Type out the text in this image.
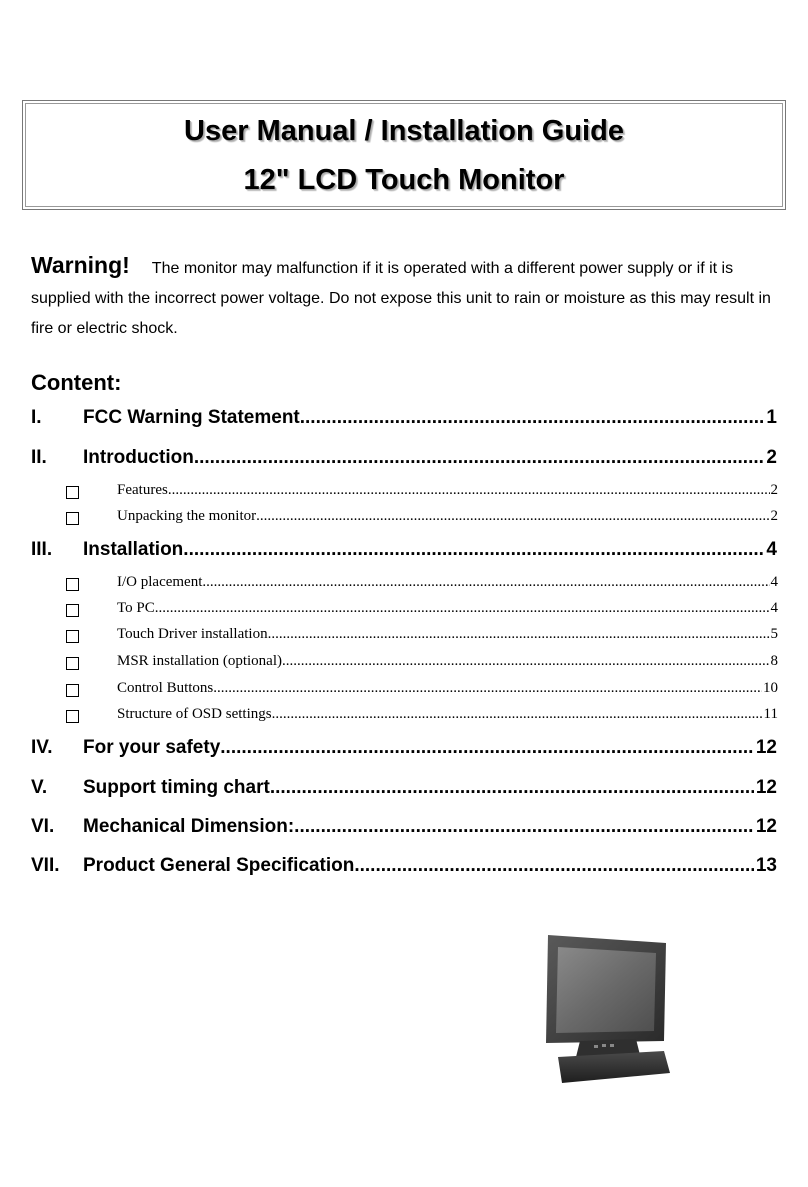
User Manual / Installation Guide
12" LCD Touch Monitor
Warning! The monitor may malfunction if it is operated with a different power supply or if it is supplied with the incorrect power voltage. Do not expose this unit to rain or moisture as this may result in fire or electric shock.
Content:
I.	FCC Warning Statement .....	1
II.	Introduction .....	2
Features .....	2
Unpacking the monitor .....	2
III.	Installation .....	4
I/O placement .....	4
To PC .....	4
Touch Driver installation .....	5
MSR installation (optional) .....	8
Control Buttons .....	10
Structure of OSD settings .....	11
IV.	For your safety .....	12
V.	Support timing chart .....	12
VI.	Mechanical Dimension: .....	12
VII.	Product General Specification .....	13
